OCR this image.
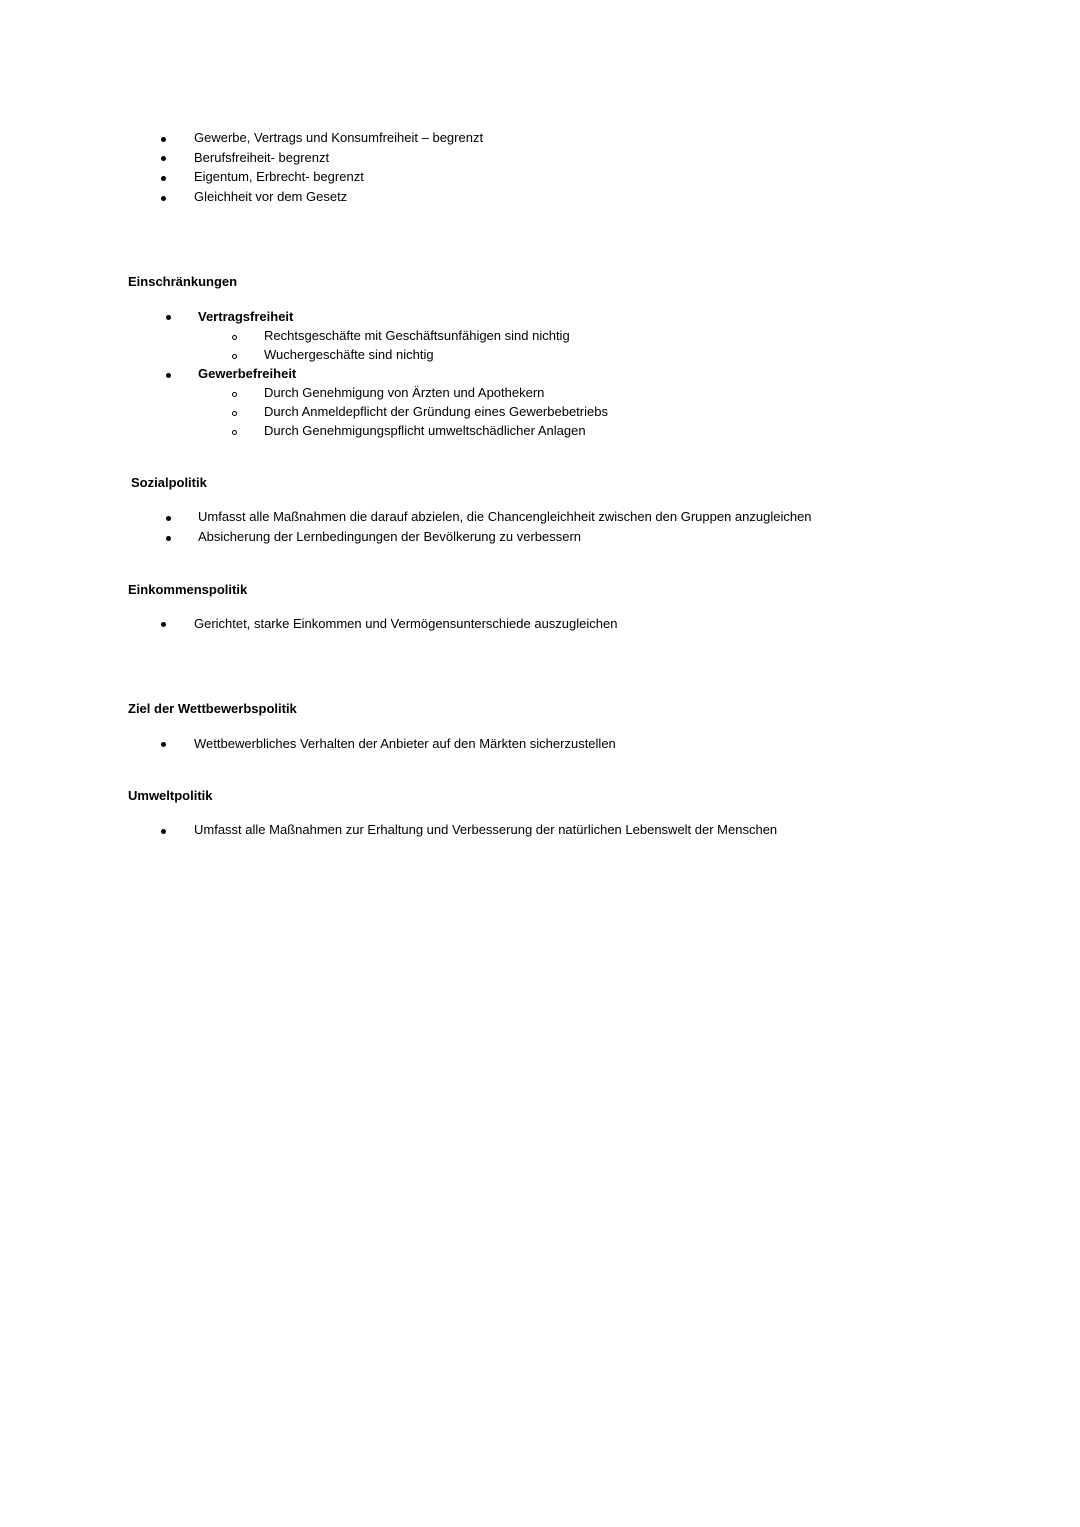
Gewerbe, Vertrags und Konsumfreiheit – begrenzt
Berufsfreiheit- begrenzt
Eigentum, Erbrecht- begrenzt
Gleichheit vor dem Gesetz
Einschränkungen
Vertragsfreiheit
Rechtsgeschäfte mit Geschäftsunfähigen sind nichtig
Wuchergeschäfte sind nichtig
Gewerbefreiheit
Durch Genehmigung von Ärzten und Apothekern
Durch Anmeldepflicht der Gründung eines Gewerbebetriebs
Durch Genehmigungspflicht umweltschädlicher Anlagen
Sozialpolitik
Umfasst alle Maßnahmen die darauf abzielen, die Chancengleichheit zwischen den Gruppen anzugleichen
Absicherung der Lernbedingungen der Bevölkerung zu verbessern
Einkommenspolitik
Gerichtet, starke Einkommen und Vermögensunterschiede auszugleichen
Ziel der Wettbewerbspolitik
Wettbewerbliches Verhalten der Anbieter auf den Märkten sicherzustellen
Umweltpolitik
Umfasst alle Maßnahmen zur Erhaltung und Verbesserung der natürlichen Lebenswelt der Menschen
